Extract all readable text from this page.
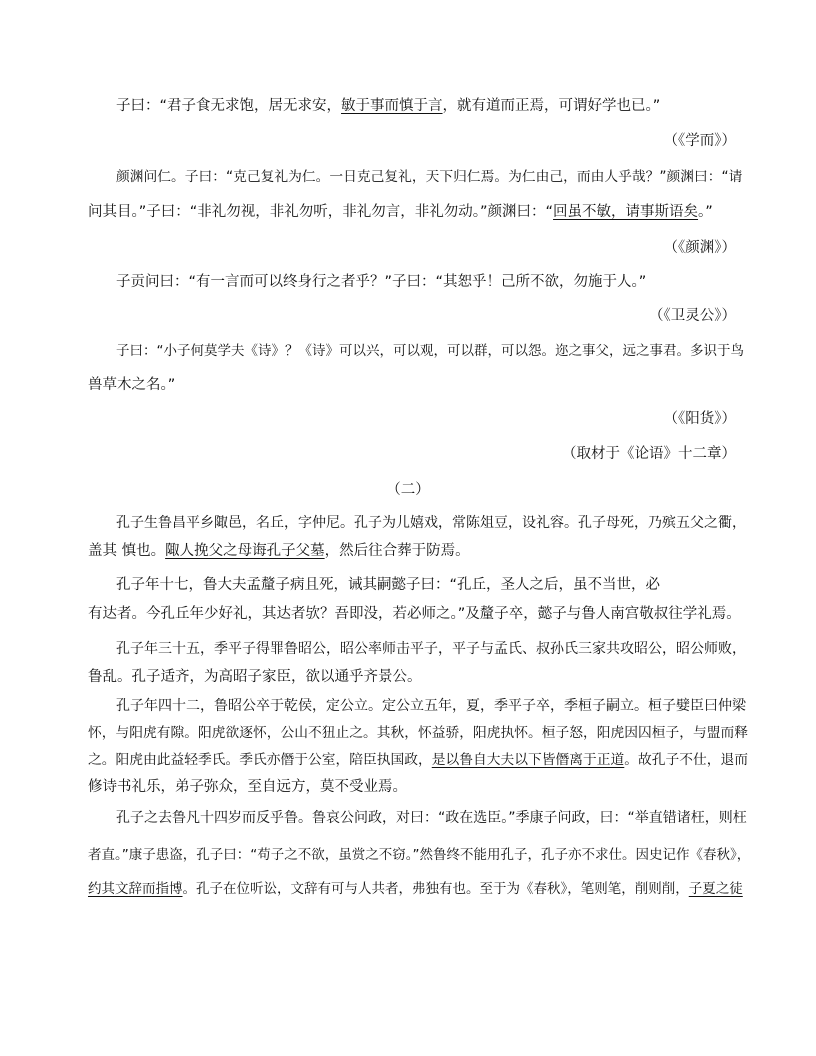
子曰：“君子食无求饱，居无求安，敏于事而慎于言，就有道而正焉，可谓好学也已。”
（《学而》）
颜渊问仁。子曰：“克己复礼为仁。一日克己复礼，天下归仁焉。为仁由己，而由人乎哉？”颜渊曰：“请
问其目。”子曰：“非礼勿视，非礼勿听，非礼勿言，非礼勿动。”颜渊曰：“回虽不敏，请事斯语矣。”
（《颜渊》）
子贡问曰：“有一言而可以终身行之者乎？”子曰：“其恕乎！己所不欲，勿施于人。”
（《卫灵公》）
子曰：“小子何莫学夫《诗》？《诗》可以兴，可以观，可以群，可以怨。迩之事父，远之事君。多识于鸟
兽草木之名。”
（《阳货》）
（取材于《论语》十二章）
（二）
孔子生鲁昌平乡陬邑，名丘，字仲尼。孔子为儿嬉戏，常陈俎豆，设礼容。孔子母死，乃殡五父之衢，
盖其 慎也。陬人挽父之母诲孔子父墓，然后往合葬于防焉。
孔子年十七，鲁大夫孟釐子病且死，诫其嗣懿子曰：“孔丘，圣人之后，虽不当世，必
有达者。今孔丘年少好礼，其达者欤？吾即没，若必师之。”及釐子卒，懿子与鲁人南宫敬叔往学礼焉。
孔子年三十五，季平子得罪鲁昭公，昭公率师击平子，平子与孟氏、叔孙氏三家共攻昭公，昭公师败，
鲁乱。孔子适齐，为高昭子家臣，欲以通乎齐景公。
孔子年四十二，鲁昭公卒于乾侯，定公立。定公立五年，夏，季平子卒，季桓子嗣立。桓子嬖臣曰仲梁
怀，与阳虎有隙。阳虎欲逐怀，公山不狃止之。其秋，怀益骄，阳虎执怀。桓子怒，阳虎因囚桓子，与盟而释
之。阳虎由此益轻季氏。季氏亦僭于公室，陪臣执国政，是以鲁自大夫以下皆僭离于正道。故孔子不仕，退而
修诗书礼乐，弟子弥众，至自远方，莫不受业焉。
孔子之去鲁凡十四岁而反乎鲁。鲁哀公问政，对曰：“政在选臣。”季康子问政，曰：“举直错诸枉，则枉
者直。”康子患盗，孔子曰：“苟子之不欲，虽赏之不窃。”然鲁终不能用孔子，孔子亦不求仕。因史记作《春秋》，
约其文辞而指博。孔子在位听讼，文辞有可与人共者，弗独有也。至于为《春秋》，笔则笔，削则削，子夏之徒
